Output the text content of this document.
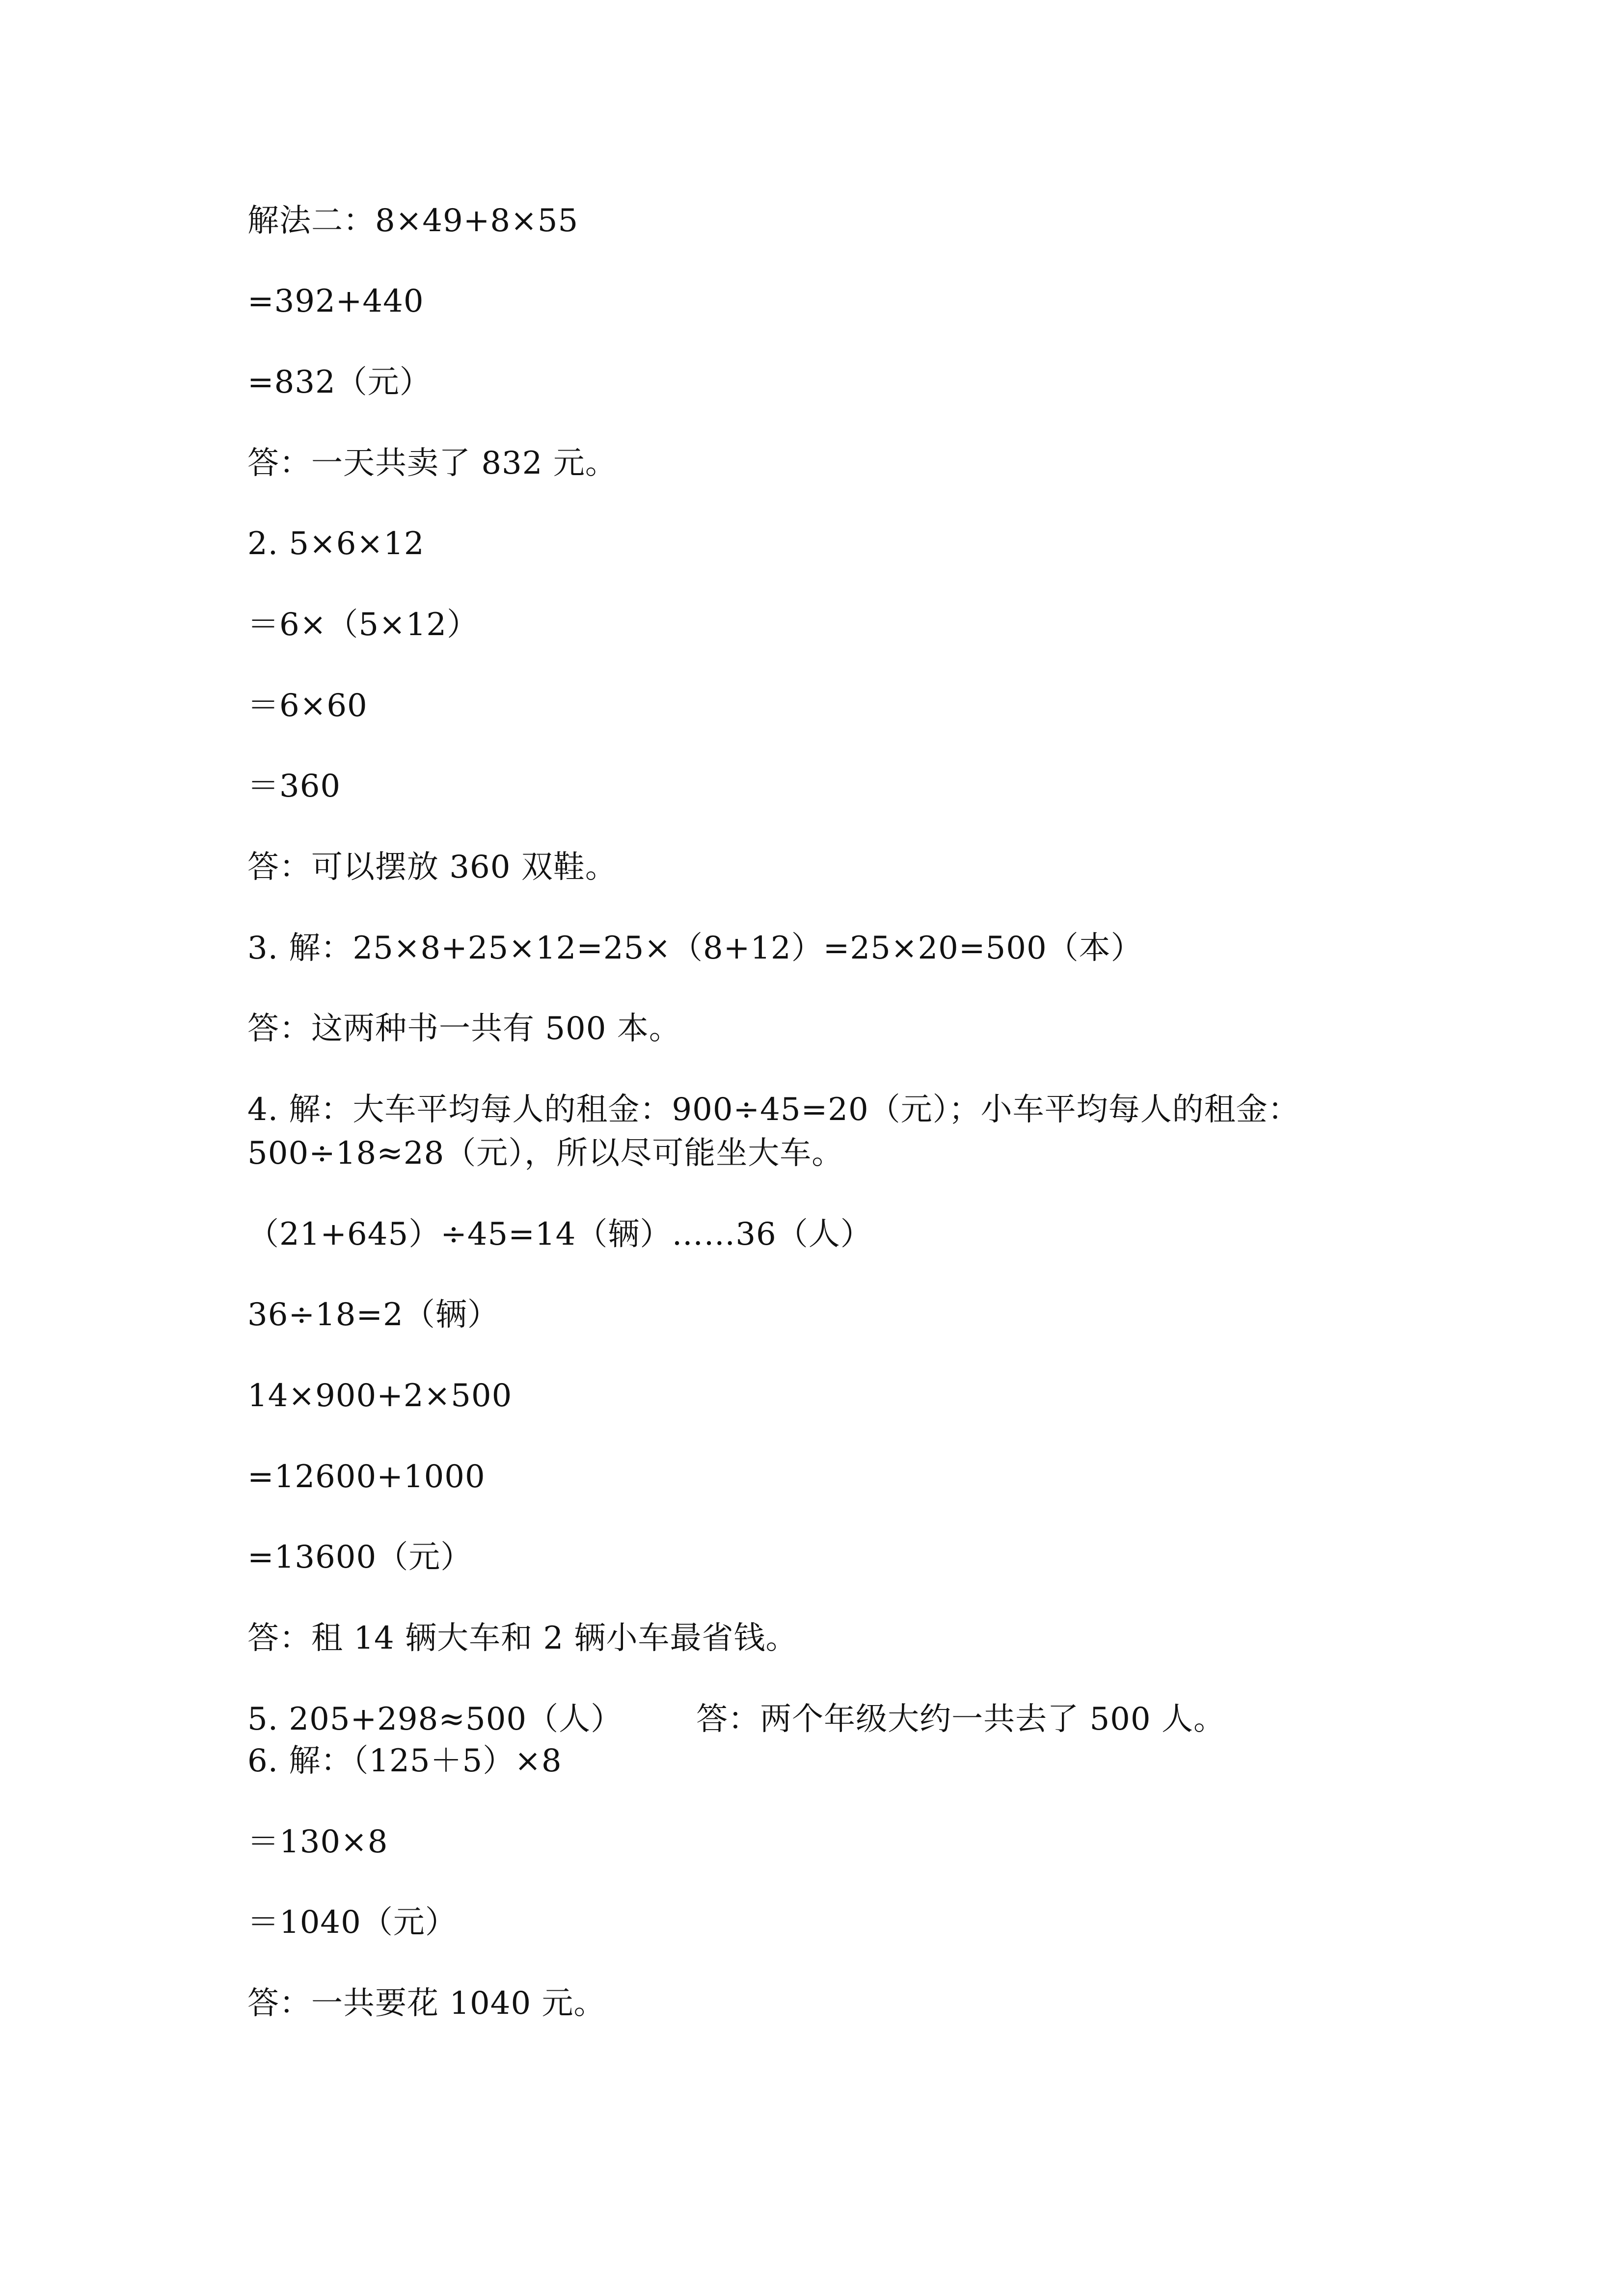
解法二：8×49+8×55
=392+440
=832（元）
答：一天共卖了 832 元。
2. 5×6×12
＝6×（5×12）
＝6×60
＝360
答：可以摆放 360 双鞋。
3. 解：25×8+25×12=25×（8+12）=25×20=500（本）
答：这两种书一共有 500 本。
4. 解：大车平均每人的租金：900÷45=20（元）；小车平均每人的租金：
500÷18≈28（元），所以尽可能坐大车。
（21+645）÷45=14（辆）……36（人）
36÷18=2（辆）
14×900+2×500
=12600+1000
=13600（元）
答：租 14 辆大车和 2 辆小车最省钱。
5. 205+298≈500（人） 答：两个年级大约一共去了 500 人。
6. 解：（125＋5）×8
＝130×8
＝1040（元）
答：一共要花 1040 元。
